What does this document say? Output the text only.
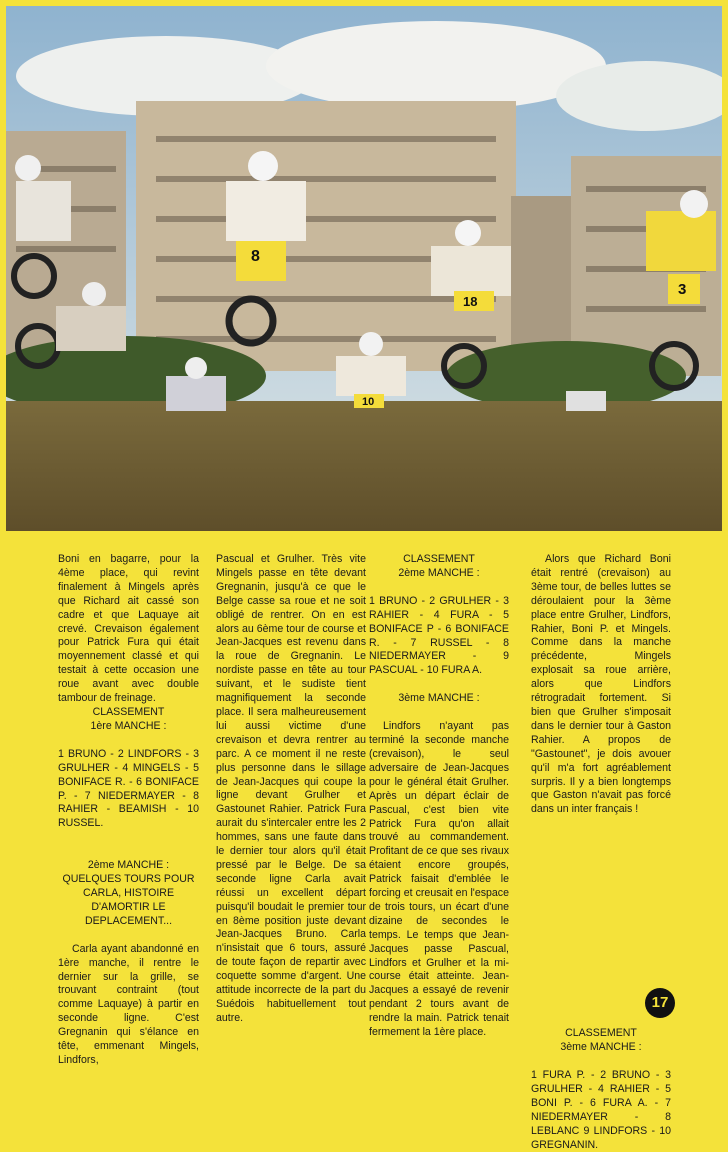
8
18
3
10

Boni en bagarre, pour la 4ème place, qui revint finalement à Mingels après que Richard ait cassé son cadre et que Laquaye ait crevé. Crevaison également pour Patrick Fura qui était moyennement classé et qui testait à cette occasion une roue avant avec double tambour de freinage.

CLASSEMENT

1ère MANCHE :

1 BRUNO - 2 LINDFORS - 3 GRULHER - 4 MINGELS - 5 BONIFACE R. - 6 BONIFACE P. - 7 NIEDERMAYER - 8 RAHIER - BEAMISH - 10 RUSSEL.

2ème MANCHE : QUELQUES TOURS POUR CARLA, HISTOIRE D'AMORTIR LE DEPLACEMENT...

Carla ayant abandonné en 1ère manche, il rentre le dernier sur la grille, se trouvant contraint (tout comme Laquaye) à partir en seconde ligne. C'est Gregnanin qui s'élance en tête, emmenant Mingels, Lindfors,

Pascual et Grulher. Très vite Mingels passe en tête devant Gregnanin, jusqu'à ce que le Belge casse sa roue et ne soit obligé de rentrer. On en est alors au 6ème tour de course et Jean-Jacques est revenu dans la roue de Gregnanin. Le nordiste passe en tête au tour suivant, et le sudiste tient magnifiquement la seconde place. Il sera malheureusement lui aussi victime d'une crevaison et devra rentrer au parc. A ce moment il ne reste plus personne dans le sillage de Jean-Jacques qui coupe la ligne devant Grulher et Gastounet Rahier. Patrick Fura aurait du s'intercaler entre les 2 hommes, sans une faute dans le dernier tour alors qu'il était pressé par le Belge. De sa seconde ligne Carla avait réussi un excellent départ puisqu'il boudait le premier tour en 8ème position juste devant Jean-Jacques Bruno. Carla n'insistait que 6 tours, assuré de toute façon de repartir avec coquette somme d'argent. Une attitude incorrecte de la part du Suédois habituellement tout autre.

CLASSEMENT

2ème MANCHE :

1 BRUNO - 2 GRULHER - 3 RAHIER - 4 FURA - 5 BONIFACE P - 6 BONIFACE R. - 7 RUSSEL - 8 NIEDERMAYER - 9 PASCUAL - 10 FURA A.

3ème MANCHE :

Lindfors n'ayant pas terminé la seconde manche (crevaison), le seul adversaire de Jean-Jacques pour le général était Grulher. Après un départ éclair de Pascual, c'est bien vite Patrick Fura qu'on allait trouvé au commandement. Profitant de ce que ses rivaux étaient encore groupés, Patrick faisait d'emblée le forcing et creusait en l'espace de trois tours, un écart d'une dizaine de secondes le temps. Le temps que Jean-Jacques passe Pascual, Lindfors et Grulher et la mi-course était atteinte. Jean-Jacques a essayé de revenir pendant 2 tours avant de rendre la main. Patrick tenait fermement la 1ère place.

Alors que Richard Boni était rentré (crevaison) au 3ème tour, de belles luttes se déroulaient pour la 3ème place entre Grulher, Lindfors, Rahier, Boni P. et Mingels. Comme dans la manche précédente, Mingels explosait sa roue arrière, alors que Lindfors rétrogradait fortement. Si bien que Grulher s'imposait dans le dernier tour à Gaston Rahier. A propos de "Gastounet", je dois avouer qu'il m'a fort agréablement surpris. Il y a bien longtemps que Gaston n'avait pas forcé dans un inter français !

CLASSEMENT

3ème MANCHE :

1 FURA P. - 2 BRUNO - 3 GRULHER - 4 RAHIER - 5 BONI P. - 6 FURA A. - 7 NIEDERMAYER - 8 LEBLANC 9 LINDFORS - 10 GREGNANIN.

17
